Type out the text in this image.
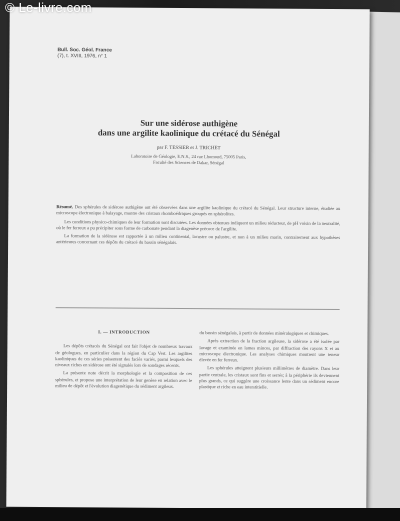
Bull. Soc. Géol. France
(7), t. XVIII, 1976, n° 1
Sur une sidérose authigène
dans une argilite kaolinique du crétacé du Sénégal
par F. TESSIER et J. TRICHET
Laboratoire de Géologie, E.N.S., 24 rue Lhomond, 75005 Paris,
Faculté des Sciences de Dakar, Sénégal

Résumé. Des sphérules de sidérose authigène ont été observées dans une argilite kaolinique du crétacé du Sénégal. Leur structure interne, étudiée au microscope électronique à balayage, montre des cristaux rhomboédriques groupés en sphérolites.

Les conditions physico-chimiques de leur formation sont discutées. Les données obtenues indiquent un milieu réducteur, de pH voisin de la neutralité, où le fer ferreux a pu précipiter sous forme de carbonate pendant la diagenèse précoce de l'argilite.

La formation de la sidérose est rapportée à un milieu continental, lacustre ou palustre, et non à un milieu marin, contrairement aux hypothèses antérieures concernant ces dépôts du crétacé du bassin sénégalais.

I. — INTRODUCTION

Les dépôts crétacés du Sénégal ont fait l'objet de nombreux travaux de géologues, en particulier dans la région du Cap Vert. Les argilites kaoliniques de ces séries présentent des faciès variés, parmi lesquels des niveaux riches en sidérose ont été signalés lors de sondages récents.

La présente note décrit la morphologie et la composition de ces sphérules, et propose une interprétation de leur genèse en relation avec le milieu de dépôt et l'évolution diagenétique du sédiment argileux.

du bassin sénégalais, à partir de données minéralogiques et chimiques.

Après extraction de la fraction argileuse, la sidérose a été isolée par lavage et examinée en lames minces, par diffraction des rayons X et au microscope électronique. Les analyses chimiques montrent une teneur élevée en fer ferreux.

Les sphérules atteignent plusieurs millimètres de diamètre. Dans leur partie centrale, les cristaux sont fins et serrés; à la périphérie ils deviennent plus grands, ce qui suggère une croissance lente dans un sédiment encore plastique et riche en eau interstitielle.

© Le-livre.com
